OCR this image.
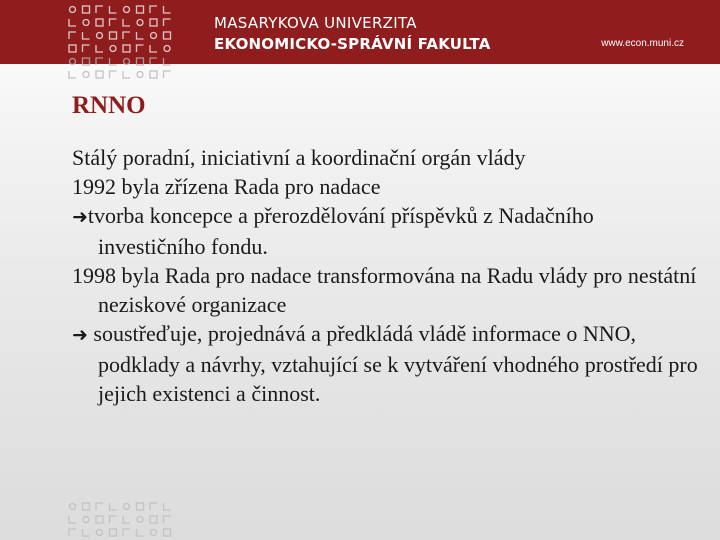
MASARYKOVA UNIVERZITA
EKONOMICKO-SPRÁVNÍ FAKULTA	www.econ.muni.cz
RNNO

Stálý poradní, iniciativní a koordinační orgán vlády

1992 byla zřízena Rada pro nadace

➜tvorba koncepce a přerozdělování příspěvků z Nadačního investičního fondu.

1998 byla Rada pro nadace transformována na Radu vlády pro nestátní neziskové organizace

➜ soustřeďuje, projednává a předkládá vládě informace o NNO, podklady a návrhy, vztahující se k vytváření vhodného prostředí pro jejich existenci a činnost.
